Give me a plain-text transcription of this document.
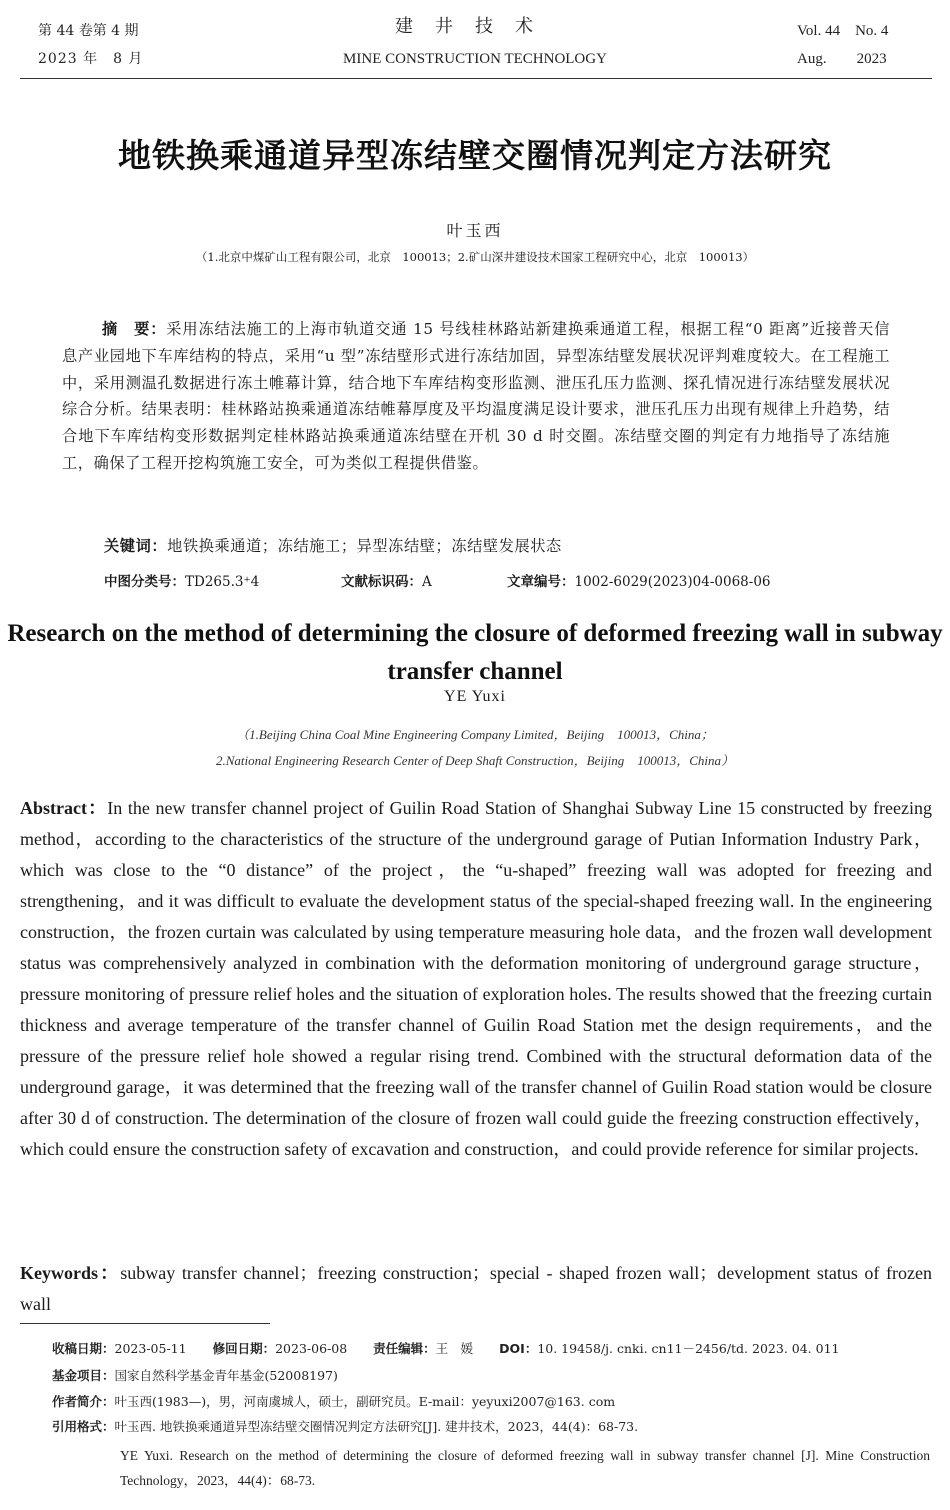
第 44 卷第 4 期
2023 年　8 月
建井技术
MINE CONSTRUCTION TECHNOLOGY
Vol. 44　No. 4
Aug.　　2023
地铁换乘通道异型冻结壁交圈情况判定方法研究
叶玉西
（1.北京中煤矿山工程有限公司，北京　100013；2.矿山深井建设技术国家工程研究中心，北京　100013）
摘　要：采用冻结法施工的上海市轨道交通 15 号线桂林路站新建换乘通道工程，根据工程“0 距离”近接普天信息产业园地下车库结构的特点，采用“u 型”冻结壁形式进行冻结加固，异型冻结壁发展状况评判难度较大。在工程施工中，采用测温孔数据进行冻土帷幕计算，结合地下车库结构变形监测、泄压孔压力监测、探孔情况进行冻结壁发展状况综合分析。结果表明：桂林路站换乘通道冻结帷幕厚度及平均温度满足设计要求，泄压孔压力出现有规律上升趋势，结合地下车库结构变形数据判定桂林路站换乘通道冻结壁在开机 30 d 时交圈。冻结壁交圈的判定有力地指导了冻结施工，确保了工程开挖构筑施工安全，可为类似工程提供借鉴。
关键词：地铁换乘通道；冻结施工；异型冻结壁；冻结壁发展状态
中图分类号：TD265.3⁺4	文献标识码：A	文章编号：1002-6029(2023)04-0068-06
Research on the method of determining the closure of deformed freezing wall in subway transfer channel
YE Yuxi
（1.Beijing China Coal Mine Engineering Company Limited，Beijing　100013，China；
2.National Engineering Research Center of Deep Shaft Construction，Beijing　100013，China）
Abstract：In the new transfer channel project of Guilin Road Station of Shanghai Subway Line 15 constructed by freezing method，according to the characteristics of the structure of the underground garage of Putian Information Industry Park，which was close to the “0 distance” of the project，the “u-shaped” freezing wall was adopted for freezing and strengthening，and it was difficult to evaluate the development status of the special-shaped freezing wall. In the engineering construction，the frozen curtain was calculated by using temperature measuring hole data，and the frozen wall development status was comprehensively analyzed in combination with the deformation monitoring of underground garage structure，pressure monitoring of pressure relief holes and the situation of exploration holes. The results showed that the freezing curtain thickness and average temperature of the transfer channel of Guilin Road Station met the design requirements，and the pressure of the pressure relief hole showed a regular rising trend. Combined with the structural deformation data of the underground garage，it was determined that the freezing wall of the transfer channel of Guilin Road station would be closure after 30 d of construction. The determination of the closure of frozen wall could guide the freezing construction effectively，which could ensure the construction safety of excavation and construction，and could provide reference for similar projects.
Keywords：subway transfer channel；freezing construction；special - shaped frozen wall；development status of frozen wall
收稿日期：2023-05-11 修回日期：2023-06-08 责任编辑：王　媛 DOI：10. 19458/j. cnki. cn11－2456/td. 2023. 04. 011
基金项目：国家自然科学基金青年基金(52008197)
作者简介：叶玉西(1983—)，男，河南虞城人，硕士，副研究员。E-mail：yeyuxi2007@163. com
引用格式：叶玉西. 地铁换乘通道异型冻结壁交圈情况判定方法研究[J]. 建井技术，2023，44(4)：68-73.
YE Yuxi. Research on the method of determining the closure of deformed freezing wall in subway transfer channel [J]. Mine Construction Technology，2023，44(4)：68-73.
